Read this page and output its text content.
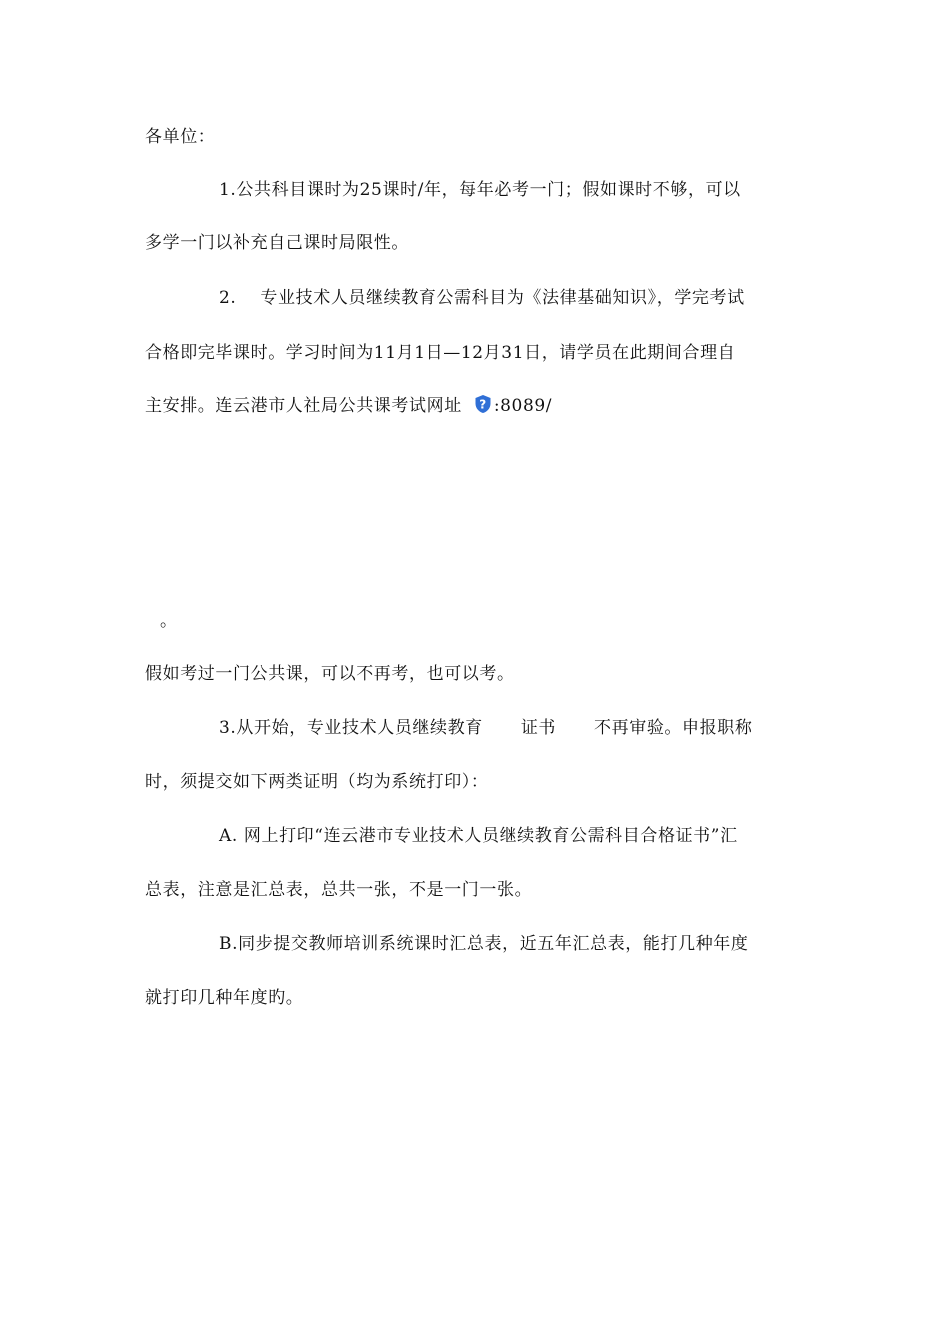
各单位：
1.公共科目课时为25课时/年，每年必考一门；假如课时不够，可以
多学一门以补充自己课时局限性。
2. 专业技术人员继续教育公需科目为《法律基础知识》，学完考试
合格即完毕课时。学习时间为11月1日—12月31日，请学员在此期间合理自
主安排。连云港市人社局公共课考试网址 ? :8089/
。
假如考过一门公共课，可以不再考，也可以考。
3.从开始，专业技术人员继续教育 证书 不再审验。申报职称
时，须提交如下两类证明（均为系统打印）：
A. 网上打印“连云港市专业技术人员继续教育公需科目合格证书”汇
总表，注意是汇总表，总共一张，不是一门一张。
B.同步提交教师培训系统课时汇总表，近五年汇总表，能打几种年度
就打印几种年度旳。
